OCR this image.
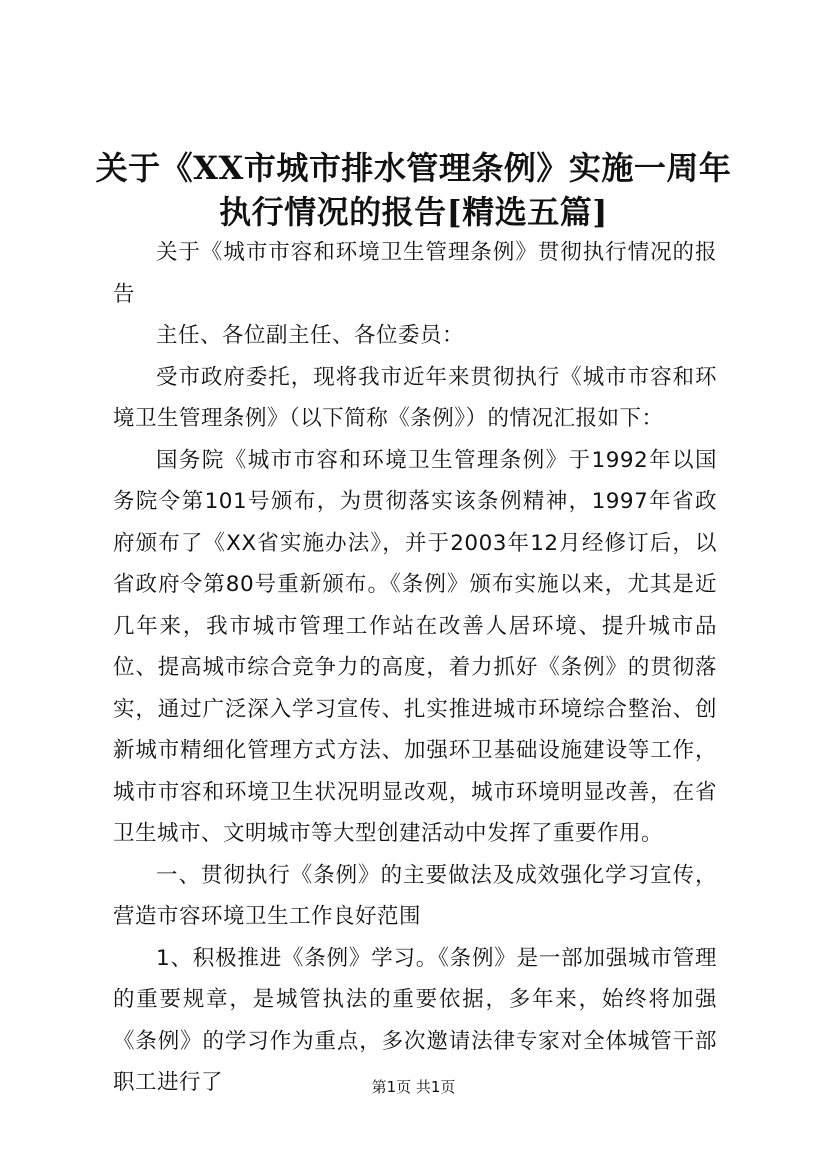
关于《XX市城市排水管理条例》实施一周年
执行情况的报告[精选五篇]

关于《城市市容和环境卫生管理条例》贯彻执行情况的报告

主任、各位副主任、各位委员：

受市政府委托，现将我市近年来贯彻执行《城市市容和环境卫生管理条例》（以下简称《条例》）的情况汇报如下：

国务院《城市市容和环境卫生管理条例》于1992年以国务院令第101号颁布，为贯彻落实该条例精神，1997年省政府颁布了《XX省实施办法》，并于2003年12月经修订后，以省政府令第80号重新颁布。《条例》颁布实施以来，尤其是近几年来，我市城市管理工作站在改善人居环境、提升城市品位、提高城市综合竞争力的高度，着力抓好《条例》的贯彻落实，通过广泛深入学习宣传、扎实推进城市环境综合整治、创新城市精细化管理方式方法、加强环卫基础设施建设等工作，城市市容和环境卫生状况明显改观，城市环境明显改善，在省卫生城市、文明城市等大型创建活动中发挥了重要作用。

一、贯彻执行《条例》的主要做法及成效强化学习宣传，营造市容环境卫生工作良好范围

1、积极推进《条例》学习。《条例》是一部加强城市管理的重要规章，是城管执法的重要依据，多年来，始终将加强《条例》的学习作为重点，多次邀请法律专家对全体城管干部职工进行了	第1页 共1页
